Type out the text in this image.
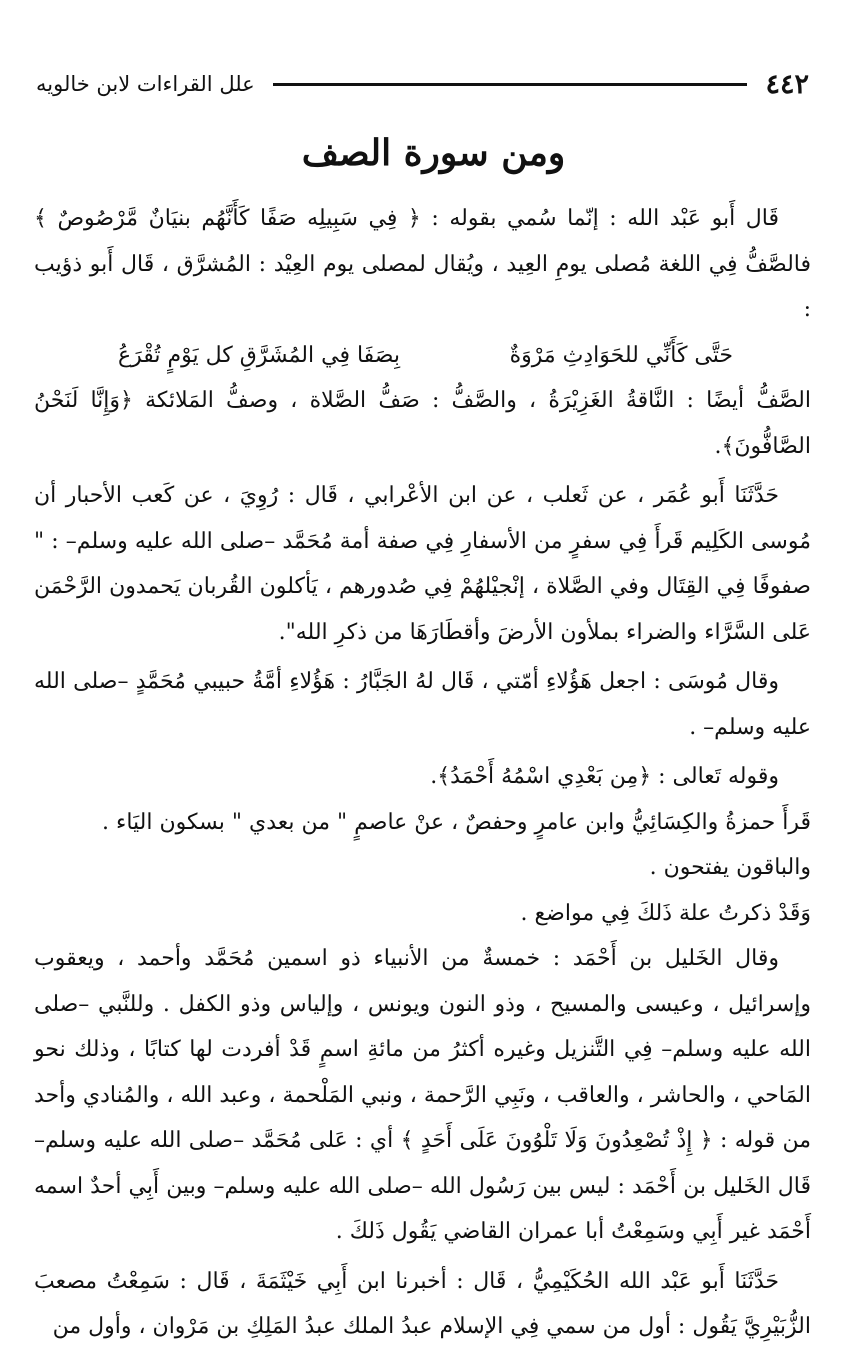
٤٤٢
علل القراءات لابن خالويه
ومن سورة الصف

قَال أَبو عَبْد الله : إنّما سُمي بقوله : ﴿ فِي سَبِيلِه صَفًا كَأَنَّهُم بنيَانٌ مَّرْصُوصٌ ﴾ فالصَّفُّ فِي اللغة مُصلى يومِ العِيد ، ويُقال لمصلى يوم العِيْد : المُشرَّق ، قَال أَبو ذؤيب :

حَتَّى كَأَنِّي للحَوَادِثِ مَرْوَةٌ
بِصَفَا فِي المُشَرَّقِ كل يَوْمٍ تُقْرَعُ

الصَّفُّ أيضًا : النَّاقةُ الغَزِيْرَةُ ، والصَّفُّ : صَفُّ الصَّلاة ، وصفُّ المَلائكة ﴿وَإِنَّا لَنَحْنُ الصَّافُّونَ﴾.

حَدَّثَنَا أَبو عُمَر ، عن ثَعلب ، عن ابن الأعْرابي ، قَال : رُوِيَ ، عن كَعب الأحبار أن مُوسى الكَلِيم قَرأَ فِي سفرٍ من الأسفارِ فِي صفة أمة مُحَمَّد –صلى الله عليه وسلم– : " صفوفًا فِي القِتَال وفي الصَّلاة ، إنْجيْلهُمْ فِي صُدورهم ، يَأكلون القُربان يَحمدون الرَّحْمَن عَلى السَّرَّاء والضراء بملأون الأرضَ وأقطَارَهَا من ذكرِ الله".

وقال مُوسَى : اجعل هَؤُلاءِ أمّتي ، قَال لهُ الجَبَّارُ : هَؤُلاءِ أمَّةُ حبيبي مُحَمَّدٍ –صلى الله عليه وسلم– .

وقوله تَعالى : ﴿مِن بَعْدِي اسْمُهُ أَحْمَدُ﴾.

قَرأَ حمزةُ والكِسَائِيُّ وابن عامرٍ وحفصٌ ، عنْ عاصمٍ " من بعدي " بسكون اليَاء .

والباقون يفتحون .

وَقَدْ ذكرتُ علة ذَلكَ فِي مواضع .

وقال الخَليل بن أَحْمَد : خمسةٌ من الأنبياء ذو اسمين مُحَمَّد وأحمد ، ويعقوب وإسرائيل ، وعيسى والمسيح ، وذو النون ويونس ، وإلياس وذو الكفل . وللنَّبي –صلى الله عليه وسلم– فِي التَّنزيل وغيره أكثرُ من مائةِ اسمٍ قَدْ أفردت لها كتابًا ، وذلك نحو المَاحي ، والحاشر ، والعاقب ، ونَبِي الرَّحمة ، ونبي المَلْحمة ، وعبد الله ، والمُنادي وأحد من قوله : ﴿ إِذْ تُصْعِدُونَ وَلَا تَلْوُونَ عَلَى أَحَدٍ ﴾ أي : عَلى مُحَمَّد –صلى الله عليه وسلم– قَال الخَليل بن أَحْمَد : ليس بين رَسُول الله –صلى الله عليه وسلم– وبين أَبِي أحدٌ اسمه أَحْمَد غير أَبِي وسَمِعْتُ أبا عمران القاضي يَقُول ذَلكَ .

حَدَّثَنَا أَبو عَبْد الله الحُكَيْمِيُّ ، قَال : أخبرنا ابن أَبِي خَيْثَمَةَ ، قَال : سَمِعْتُ مصعبَ الزُّبَيْرِيَّ يَقُول : أول من سمي فِي الإسلام عبدُ الملك عبدُ المَلِكِ بن مَرْوان ، وأول من
